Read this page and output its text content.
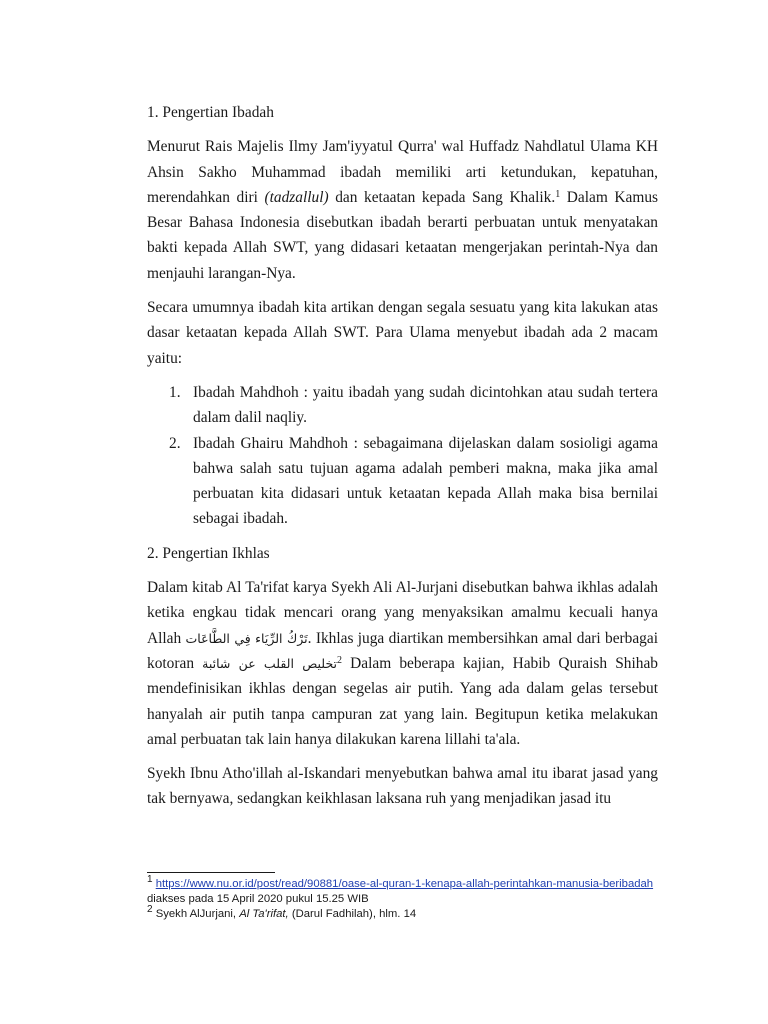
1. Pengertian Ibadah

Menurut Rais Majelis Ilmy Jam'iyyatul Qurra' wal Huffadz Nahdlatul Ulama KH Ahsin Sakho Muhammad ibadah memiliki arti ketundukan, kepatuhan, merendahkan diri (tadzallul) dan ketaatan kepada Sang Khalik.$^1$ Dalam Kamus Besar Bahasa Indonesia disebutkan ibadah berarti perbuatan untuk menyatakan bakti kepada Allah SWT, yang didasari ketaatan mengerjakan perintah-Nya dan menjauhi larangan-Nya.

Secara umumnya ibadah kita artikan dengan segala sesuatu yang kita lakukan atas dasar ketaatan kepada Allah SWT. Para Ulama menyebut ibadah ada 2 macam yaitu:

1. Ibadah Mahdhoh : yaitu ibadah yang sudah dicintohkan atau sudah tertera dalam dalil naqliy.
2. Ibadah Ghairu Mahdhoh : sebagaimana dijelaskan dalam sosioligi agama bahwa salah satu tujuan agama adalah pemberi makna, maka jika amal perbuatan kita didasari untuk ketaatan kepada Allah maka bisa bernilai sebagai ibadah.

2. Pengertian Ikhlas

Dalam kitab Al Ta'rifat karya Syekh Ali Al-Jurjani disebutkan bahwa ikhlas adalah ketika engkau tidak mencari orang yang menyaksikan amalmu kecuali hanya Allah تَرْكُ الرِّيَاء فِي الطَّاعَات. Ikhlas juga diartikan membersihkan amal dari berbagai kotoran تخليص القلب عن شائبة$^2$ Dalam beberapa kajian, Habib Quraish Shihab mendefinisikan ikhlas dengan segelas air putih. Yang ada dalam gelas tersebut hanyalah air putih tanpa campuran zat yang lain. Begitupun ketika melakukan amal perbuatan tak lain hanya dilakukan karena lillahi ta'ala.

Syekh Ibnu Atho'illah al-Iskandari menyebutkan bahwa amal itu ibarat jasad yang tak bernyawa, sedangkan keikhlasan laksana ruh yang menjadikan jasad itu

$^1$ https://www.nu.or.id/post/read/90881/oase-al-quran-1-kenapa-allah-perintahkan-manusia-beribadah diakses pada 15 April 2020 pukul 15.25 WIB

$^2$ Syekh AlJurjani, Al Ta'rifat, (Darul Fadhilah), hlm. 14
